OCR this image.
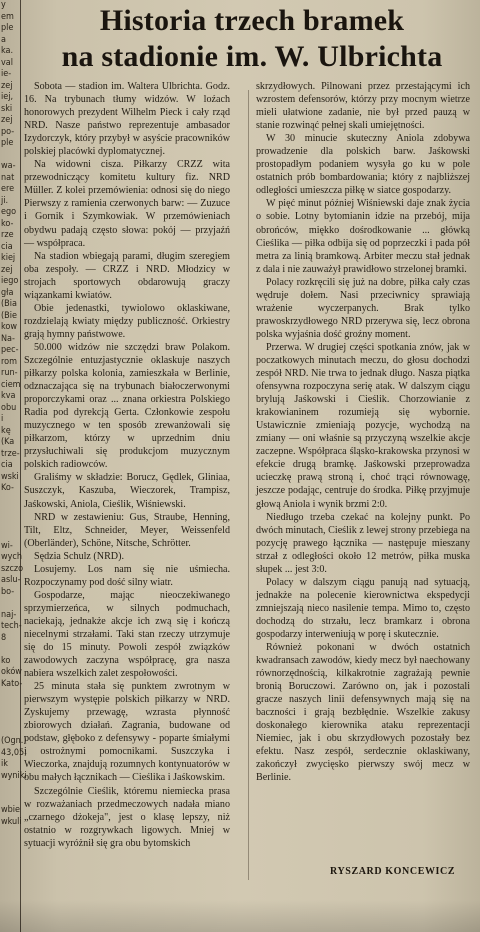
y
em
ple
a
ka.
val
ie-
zej
iej,
ski
zej
po-
ple
wa-
nat
ere
ji.
ego
ko-
rze
cia
kiej
zej
iego
gła
(Bia
(Bie
kow
Na-
pec-
rom
run-
ciem
kva
obu
i
kę
(Ka
trze-
cia
wski
Ko-
wi-
wych
szczo
aslu-
bo-
naj-
tech-
8
ko
oków
Kato-
(Ogn.)
43,05;
ik
wyniki
wbie
wkuli
Historia trzech bramek
na stadionie im. W. Ulbrichta

Sobota — stadion im. Waltera Ulbrichta. Godz. 16. Na trybunach tłumy widzów. W loźach honorowych prezydent Wilhelm Pieck i cały rząd NRD. Nasze państwo reprezentuje ambasador Izydorczyk, który przybył w asyście pracowników polskiej placówki dyplomatycznej.

Na widowni cisza. Piłkarzy CRZZ wita przewodniczący komitetu kultury fiz. NRD Müller. Z kolei przemówienia: odnosi się do niego Pierwszy z ramienia czerwonych barw: — Zuzuce i Gornik i Szymkowiak. W przemówieniach obydwu padają często słowa: pokój — przyjaźń — współpraca.

Na stadion wbiegają parami, długim szeregiem oba zespoły. — CRZZ i NRD. Młodzicy w strojach sportowych obdarowują graczy wiązankami kwiatów.

Obie jedenastki, tywiolowo oklaskiwane, rozdzielają kwiaty między publiczność. Orkiestry grają hymny państwowe.

50.000 widzów nie szczędzi braw Polakom. Szczególnie entuzjastycznie oklaskuje naszych piłkarzy polska kolonia, zamieszkała w Berlinie, odznaczająca się na trybunach białoczerwonymi proporczykami oraz ... znana orkiestra Polskiego Radia pod dyrekcją Gerta. Członkowie zespołu muzycznego w ten sposób zrewanżowali się piłkarzom, którzy w uprzednim dniu przysłuchiwali się produkcjom muzycznym polskich radiowców.

Graliśmy w składzie: Borucz, Gędlek, Gliniaa, Suszczyk, Kaszuba, Wieczorek, Trampisz, Jaśkowski, Aniola, Cieślik, Wiśniewski.

NRD w zestawieniu: Gus, Straube, Henning, Tilt, Eltz, Schneider, Meyer, Weissenfeld (Oberländer), Schöne, Nitsche, Schrötter.

Sędzia Schulz (NRD).

Losujemy. Los nam się nie uśmiecha. Rozpoczynamy pod dość silny wiatr.

Gospodarze, mając nieoczekiwanego sprzymierzeńca, w silnych podmuchach, naciekają, jednakże akcje ich zwą się i kończą niecelnymi strzałami. Taki stan rzeczy utrzymuje się do 15 minuty. Powoli zespół związków zawodowych zaczyna współpracę, gra nasza nabiera wszelkich zalet zespołowości.

25 minuta stała się punktem zwrotnym w pierwszym występie polskich piłkarzy w NRD. Zyskujemy przewagę, wzrasta płynność zbiorowych działań. Zagrania, budowane od podstaw, głęboko z defensywy - poparte śmiałymi i ostrożnymi pomocnikami. Suszczyka i Wieczorka, znajdują rozumnych kontynuatorów w obu małych łącznikach — Cieślika i Jaśkowskim.

Szczególnie Cieślik, któremu niemiecka prasa w rozważaniach przedmeczowych nadała miano „czarnego dżokeja", jest o klasę lepszy, niż ostatnio w rozgrywkach ligowych. Mniej w sytuacji wyróżnił się gra obu bytomskich

skrzydłowych. Pilnowani przez przestającymi ich wzrostem defensorów, którzy przy mocnym wietrze mieli ułatwione zadanie, nie był przed pauzą w stanie rozwinąć pełnej skali umiejętności.

W 30 minucie skuteczny Aniola zdobywa prowadzenie dla polskich barw. Jaśkowski prostopadłym podaniem wysyła go ku w pole ostatnich prób bombardowania; który z najbliższej odległości umieszcza piłkę w siatce gospodarzy.

W pięć minut później Wiśniewski daje znak życia o sobie. Lotny bytomianin idzie na przebój, mija obrońców, miękko dośrodkowanie ... główką Cieślika — piłka odbija się od poprzeczki i pada pół metra za linią bramkową. Arbiter meczu stał jednak z dala i nie zauważył prawidłowo strzelonej bramki.

Polacy rozkręcili się już na dobre, piłka cały czas wędruje dołem. Nasi przeciwnicy sprawiają wrażenie wyczerpanych. Brak tylko prawoskrzydłowego NRD przerywa się, lecz obrona polska wyjaśnia dość groźny moment.

Przerwa. W drugiej części spotkania znów, jak w poczatkowych minutach meczu, do głosu dochodzi zespół NRD. Nie trwa to jednak długo. Nasza piątka ofensywna rozpoczyna serię atak. W dalszym ciągu brylują Jaśkowski i Cieślik. Chorzowianie z krakowianinem rozumieją się wybornie. Ustawicznie zmieniają pozycje, wychodzą na zmiany — oni właśnie są przyczyną wszelkie akcje zaczepne. Współpraca śląsko-krakowska przynosi w efekcie drugą bramkę. Jaśkowski przeprowadza ucieczkę prawą stroną i, choć trąci równowagę, jeszcze podając, centruje do środka. Piłkę przyjmuje głową Aniola i wynik brzmi 2:0.

Niedługo trzeba czekać na kolejny punkt. Po dwóch minutach, Cieślik z lewej strony przebiega na pozycję prawego łącznika — następuje mieszany strzał z odległości około 12 metrów, piłka muska słupek ... jest 3:0.

Polacy w dalszym ciągu panują nad sytuacją, jednakże na polecenie kierownictwa ekspedycji zmniejszają nieco nasilenie tempa. Mimo to, często dochodzą do strzału, lecz bramkarz i obrona gospodarzy interweniują w porę i skutecznie.

Również pokonani w dwóch ostatnich kwadransach zawodów, kiedy mecz był naechowany równorzędnością, kilkakrotnie zagrażają pewnie bronią Boruczowi. Zarówno on, jak i pozostali gracze naszych linii defensywnych mają się na baczności i grają bezbłędnie. Wszelkie zakusy doskonałego kierownika ataku reprezentacji Niemiec, jak i obu skrzydłowych pozostały bez efektu. Nasz zespół, serdecznie oklaskiwany, zakończył zwycięsko pierwszy swój mecz w Berlinie.

RYSZARD KONCEWICZ
